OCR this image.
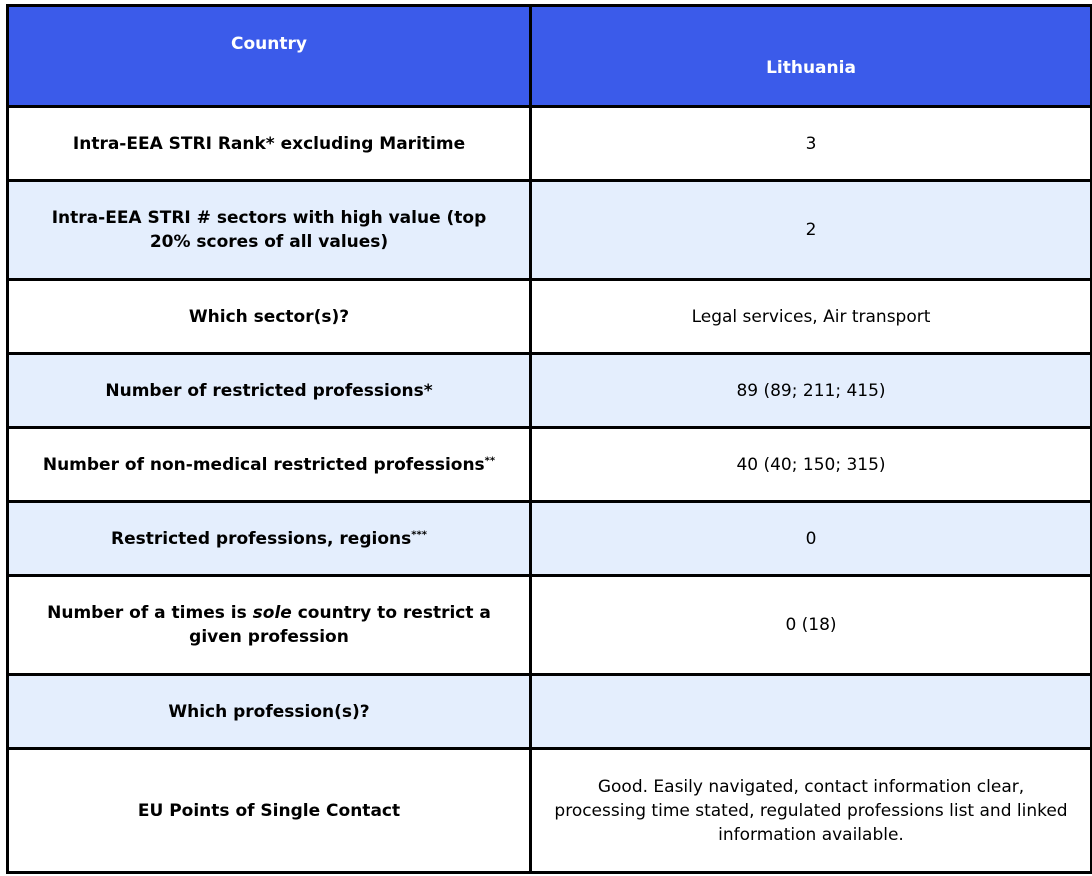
Country	Lithuania
Intra-EEA STRI Rank* excluding Maritime	3
Intra-EEA STRI # sectors with high value (top 20% scores of all values)	2
Which sector(s)?	Legal services, Air transport
Number of restricted professions*	89 (89; 211; 415)
Number of non-medical restricted professions**	40 (40; 150; 315)
Restricted professions, regions***	0
Number of a times is sole country to restrict a given profession	0 (18)
Which profession(s)?	
EU Points of Single Contact	Good. Easily navigated, contact information clear, processing time stated, regulated professions list and linked information available.
